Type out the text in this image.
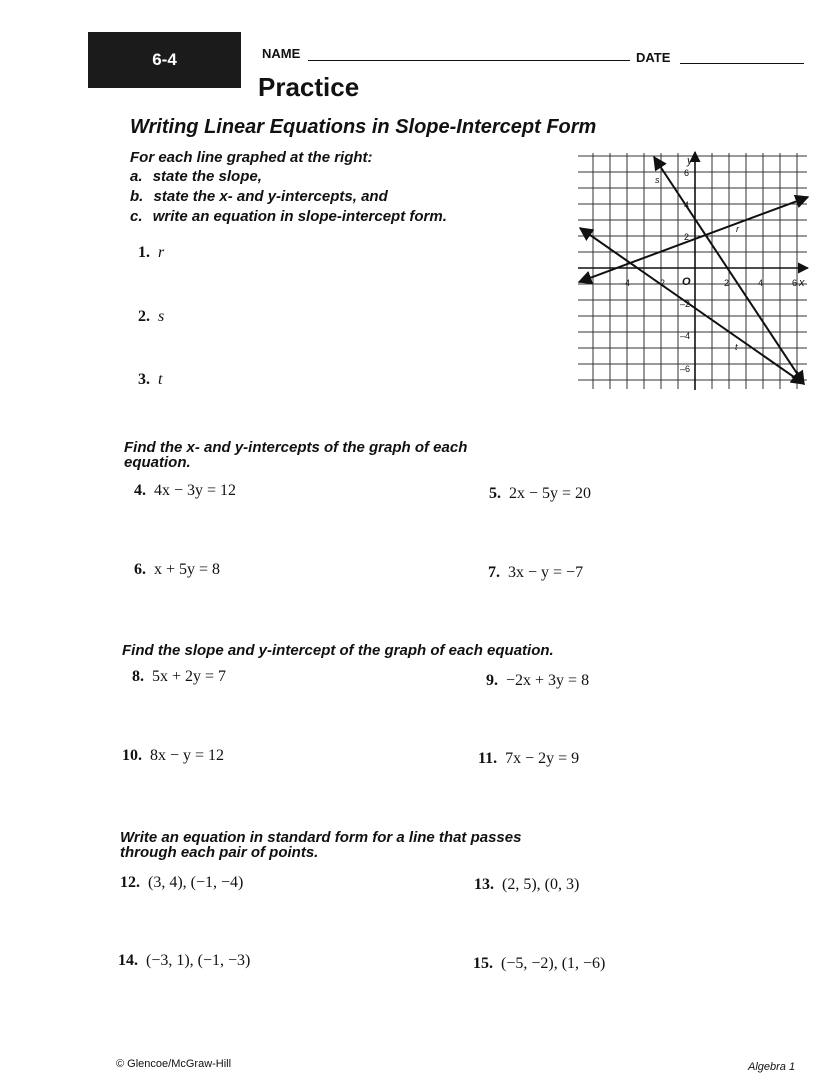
6-4	NAME	DATE
Practice
Writing Linear Equations in Slope-Intercept Form
For each line graphed at the right:
a. state the slope,
b. state the x- and y-intercepts, and
c. write an equation in slope-intercept form.
1. r
2. s
3. t
x
y
O
–4	–2	2	4	6
6
4
2
–2
–4
–6
r
s
t
Find the x- and y-intercepts of the graph of each
equation.
4. 4x − 3y = 12	5. 2x − 5y = 20
6. x + 5y = 8	7. 3x − y = −7
Find the slope and y-intercept of the graph of each equation.
8. 5x + 2y = 7	9. −2x + 3y = 8
10. 8x − y = 12	11. 7x − 2y = 9
Write an equation in standard form for a line that passes
through each pair of points.
12. (3, 4), (−1, −4)	13. (2, 5), (0, 3)
14. (−3, 1), (−1, −3)	15. (−5, −2), (1, −6)
© Glencoe/McGraw-Hill	Algebra 1
